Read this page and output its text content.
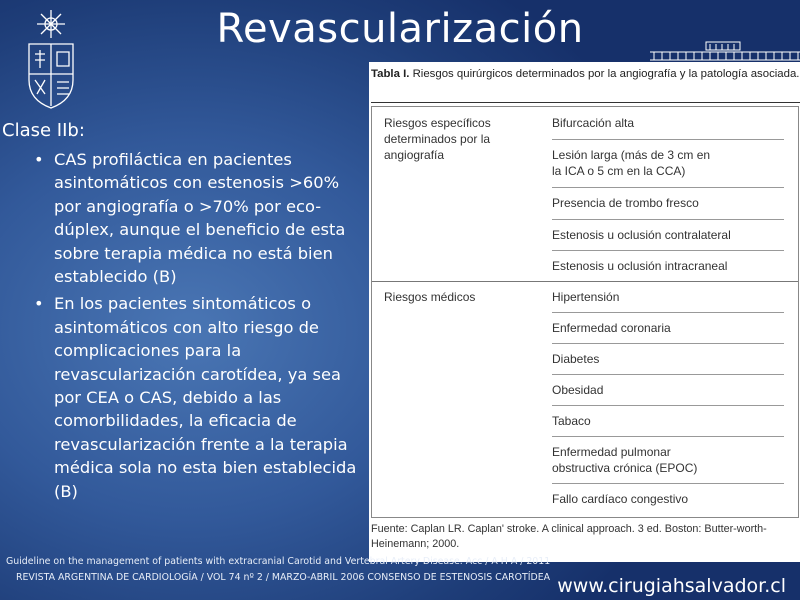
Revascularización
Clase IIb:
• CAS profiláctica en pacientes asintomáticos con estenosis >60% por angiografía o >70% por eco-dúplex, aunque el beneficio de esta sobre terapia médica no está bien establecido (B)
• En los pacientes sintomáticos o asintomáticos con alto riesgo de complicaciones para la revascularización carotídea, ya sea por CEA o CAS, debido a las comorbilidades, la eficacia de revascularización frente a la terapia médica sola no esta bien establecida (B)
Tabla I. Riesgos quirúrgicos determinados por la angiografía y la patología asociada.
Riesgos específicos determinados por la angiografía
Bifurcación alta
Lesión larga (más de 3 cm en la ICA o 5 cm en la CCA)
Presencia de trombo fresco
Estenosis u oclusión contralateral
Estenosis u oclusión intracraneal
Riesgos médicos	Hipertensión
Enfermedad coronaria
Diabetes
Obesidad
Tabaco
Enfermedad pulmonar obstructiva crónica (EPOC)
Fallo cardíaco congestivo
Fuente: Caplan LR. Caplan' stroke. A clinical approach. 3 ed. Boston: Butter-worth-Heinemann; 2000.
Guideline on the management of patients with extracranial Carotid and Vertebral Artery Disease. Acc / A H A / 2011
REVISTA ARGENTINA DE CARDIOLOGÍA / VOL 74 nº 2 / MARZO-ABRIL 2006 CONSENSO DE ESTENOSIS CAROTÍDEA www.cirugiahsalvador.cl
